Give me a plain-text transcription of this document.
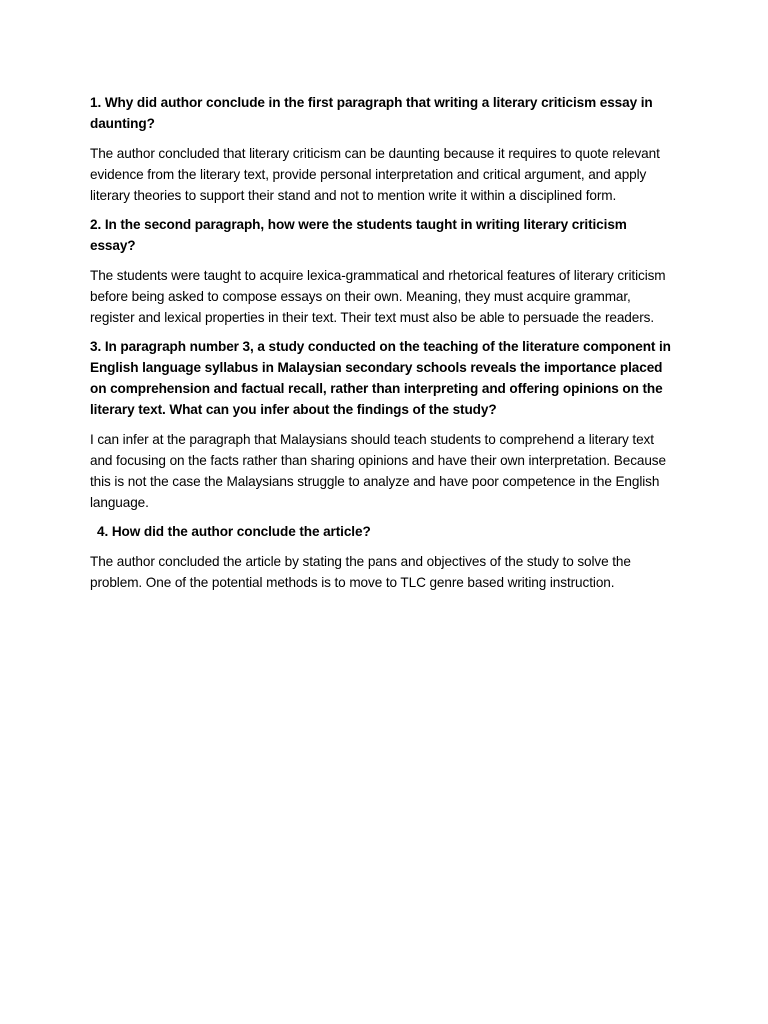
1. Why did author conclude in the first paragraph that writing a literary criticism essay in daunting?

The author concluded that literary criticism can be daunting because it requires to quote relevant evidence from the literary text, provide personal interpretation and critical argument, and apply literary theories to support their stand and not to mention write it within a disciplined form.

2. In the second paragraph, how were the students taught in writing literary criticism essay?

The students were taught to acquire lexica-grammatical and rhetorical features of literary criticism before being asked to compose essays on their own. Meaning, they must acquire grammar, register and lexical properties in their text. Their text must also be able to persuade the readers.

3. In paragraph number 3, a study conducted on the teaching of the literature component in English language syllabus in Malaysian secondary schools reveals the importance placed on comprehension and factual recall, rather than interpreting and offering opinions on the literary text. What can you infer about the findings of the study?

I can infer at the paragraph that Malaysians should teach students to comprehend a literary text and focusing on the facts rather than sharing opinions and have their own interpretation. Because this is not the case the Malaysians struggle to analyze and have poor competence in the English language.

4. How did the author conclude the article?

The author concluded the article by stating the pans and objectives of the study to solve the problem. One of the potential methods is to move to TLC genre based writing instruction.
